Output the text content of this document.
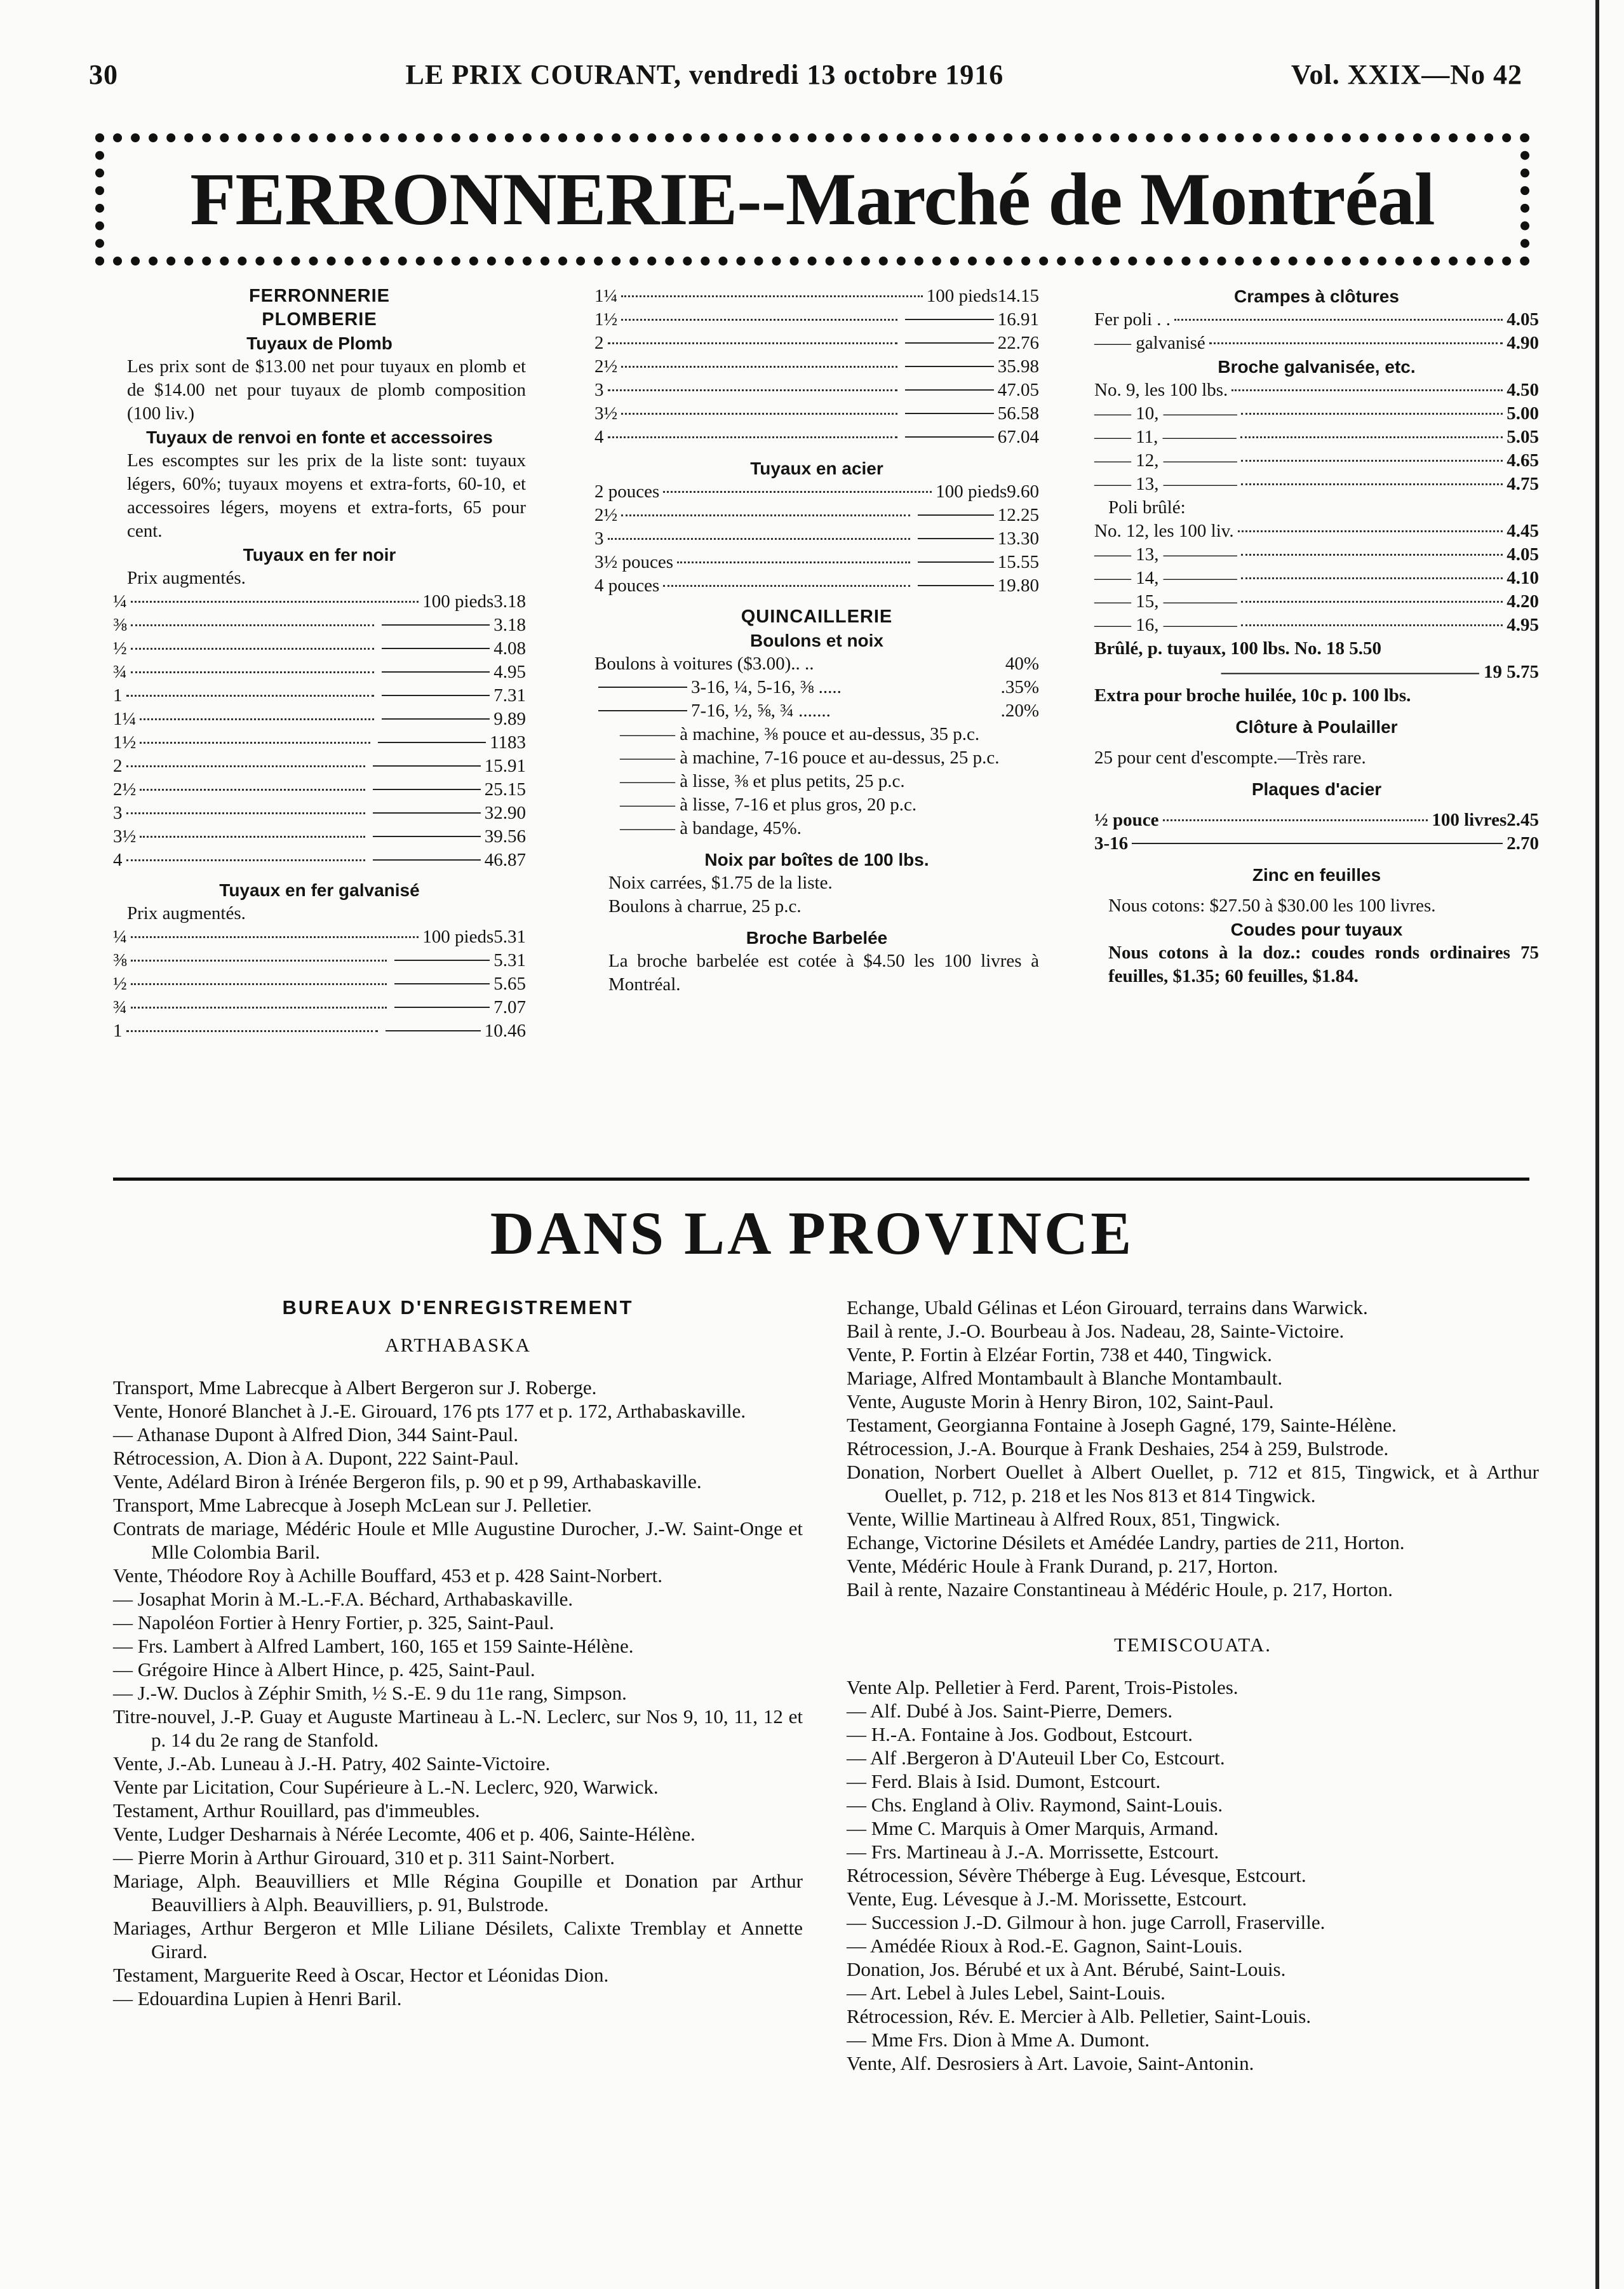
30	LE PRIX COURANT, vendredi 13 octobre 1916	Vol. XXIX—No 42
FERRONNERIE--Marché de Montréal
FERRONNERIE
PLOMBERIE
Tuyaux de Plomb
Les prix sont de $13.00 net pour tuyaux en plomb et de $14.00 net pour tuyaux de plomb composition (100 liv.)
Tuyaux de renvoi en fonte et accessoires
Les escomptes sur les prix de la liste sont: tuyaux légers, 60%; tuyaux moyens et extra-forts, 60-10, et accessoires légers, moyens et extra-forts, 65 pour cent.
Tuyaux en fer noir
Prix augmentés.
¼	100 pieds 3.18
⅜	3.18
½	4.08
¾	4.95
1	7.31
1¼	9.89
1½	1183
2	15.91
2½	25.15
3	32.90
3½	39.56
4	46.87
Tuyaux en fer galvanisé
Prix augmentés.
¼	100 pieds 5.31
⅜	5.31
½	5.65
¾	7.07
1	10.46
1¼	100 pieds 14.15
1½	16.91
2	22.76
2½	35.98
3	47.05
3½	56.58
4	67.04
Tuyaux en acier
2 pouces	100 pieds 9.60
2½	12.25
3	13.30
3½ pouces	15.55
4 pouces	19.80
QUINCAILLERIE
Boulons et noix
Boulons à voitures ($3.00).. ..	40%
3-16, ¼, 5-16, ⅜ .....	.35%
7-16, ½, ⅝, ¾ .......	.20%
——— à machine, ⅜ pouce et au-dessus, 35 p.c.
——— à machine, 7-16 pouce et au-dessus, 25 p.c.
——— à lisse, ⅜ et plus petits, 25 p.c.
——— à lisse, 7-16 et plus gros, 20 p.c.
——— à bandage, 45%.
Noix par boîtes de 100 lbs.
Noix carrées, $1.75 de la liste.
Boulons à charrue, 25 p.c.
Broche Barbelée
La broche barbelée est cotée à $4.50 les 100 livres à Montréal.
Crampes à clôtures
Fer poli . .	4.05
—— galvanisé	4.90
Broche galvanisée, etc.
No. 9, les 100 lbs.	4.50
—— 10, ————	5.00
—— 11, ————	5.05
—— 12, ————	4.65
—— 13, ————	4.75
Poli brûlé:
No. 12, les 100 liv.	4.45
—— 13, ————	4.05
—— 14, ————	4.10
—— 15, ————	4.20
—— 16, ————	4.95
Brûlé, p. tuyaux, 100 lbs. No. 18 5.50
—————————————— 19 5.75
Extra pour broche huilée, 10c p. 100 lbs.
Clôture à Poulailler
25 pour cent d'escompte.—Très rare.
Plaques d'acier
½ pouce	100 livres 2.45
3-16	2.70
Zinc en feuilles
Nous cotons: $27.50 à $30.00 les 100 livres.
Coudes pour tuyaux
Nous cotons à la doz.: coudes ronds ordinaires 75 feuilles, $1.35; 60 feuilles, $1.84.
DANS LA PROVINCE
BUREAUX D'ENREGISTREMENT
ARTHABASKA
Transport, Mme Labrecque à Albert Bergeron sur J. Roberge.
Vente, Honoré Blanchet à J.-E. Girouard, 176 pts 177 et p. 172, Arthabaskaville.
— Athanase Dupont à Alfred Dion, 344 Saint-Paul.
Rétrocession, A. Dion à A. Dupont, 222 Saint-Paul.
Vente, Adélard Biron à Irénée Bergeron fils, p. 90 et p 99, Arthabaskaville.
Transport, Mme Labrecque à Joseph McLean sur J. Pelletier.
Contrats de mariage, Médéric Houle et Mlle Augustine Durocher, J.-W. Saint-Onge et Mlle Colombia Baril.
Vente, Théodore Roy à Achille Bouffard, 453 et p. 428 Saint-Norbert.
— Josaphat Morin à M.-L.-F.A. Béchard, Arthabaskaville.
— Napoléon Fortier à Henry Fortier, p. 325, Saint-Paul.
— Frs. Lambert à Alfred Lambert, 160, 165 et 159 Sainte-Hélène.
— Grégoire Hince à Albert Hince, p. 425, Saint-Paul.
— J.-W. Duclos à Zéphir Smith, ½ S.-E. 9 du 11e rang, Simpson.
Titre-nouvel, J.-P. Guay et Auguste Martineau à L.-N. Leclerc, sur Nos 9, 10, 11, 12 et p. 14 du 2e rang de Stanfold.
Vente, J.-Ab. Luneau à J.-H. Patry, 402 Sainte-Victoire.
Vente par Licitation, Cour Supérieure à L.-N. Leclerc, 920, Warwick.
Testament, Arthur Rouillard, pas d'immeubles.
Vente, Ludger Desharnais à Nérée Lecomte, 406 et p. 406, Sainte-Hélène.
— Pierre Morin à Arthur Girouard, 310 et p. 311 Saint-Norbert.
Mariage, Alph. Beauvilliers et Mlle Régina Goupille et Donation par Arthur Beauvilliers à Alph. Beauvilliers, p. 91, Bulstrode.
Mariages, Arthur Bergeron et Mlle Liliane Désilets, Calixte Tremblay et Annette Girard.
Testament, Marguerite Reed à Oscar, Hector et Léonidas Dion.
— Edouardina Lupien à Henri Baril.
Echange, Ubald Gélinas et Léon Girouard, terrains dans Warwick.
Bail à rente, J.-O. Bourbeau à Jos. Nadeau, 28, Sainte-Victoire.
Vente, P. Fortin à Elzéar Fortin, 738 et 440, Tingwick.
Mariage, Alfred Montambault à Blanche Montambault.
Vente, Auguste Morin à Henry Biron, 102, Saint-Paul.
Testament, Georgianna Fontaine à Joseph Gagné, 179, Sainte-Hélène.
Rétrocession, J.-A. Bourque à Frank Deshaies, 254 à 259, Bulstrode.
Donation, Norbert Ouellet à Albert Ouellet, p. 712 et 815, Tingwick, et à Arthur Ouellet, p. 712, p. 218 et les Nos 813 et 814 Tingwick.
Vente, Willie Martineau à Alfred Roux, 851, Tingwick.
Echange, Victorine Désilets et Amédée Landry, parties de 211, Horton.
Vente, Médéric Houle à Frank Durand, p. 217, Horton.
Bail à rente, Nazaire Constantineau à Médéric Houle, p. 217, Horton.
TEMISCOUATA.
Vente Alp. Pelletier à Ferd. Parent, Trois-Pistoles.
— Alf. Dubé à Jos. Saint-Pierre, Demers.
— H.-A. Fontaine à Jos. Godbout, Estcourt.
— Alf .Bergeron à D'Auteuil Lber Co, Estcourt.
— Ferd. Blais à Isid. Dumont, Estcourt.
— Chs. England à Oliv. Raymond, Saint-Louis.
— Mme C. Marquis à Omer Marquis, Armand.
— Frs. Martineau à J.-A. Morrissette, Estcourt.
Rétrocession, Sévère Théberge à Eug. Lévesque, Estcourt.
Vente, Eug. Lévesque à J.-M. Morissette, Estcourt.
— Succession J.-D. Gilmour à hon. juge Carroll, Fraserville.
— Amédée Rioux à Rod.-E. Gagnon, Saint-Louis.
Donation, Jos. Bérubé et ux à Ant. Bérubé, Saint-Louis.
— Art. Lebel à Jules Lebel, Saint-Louis.
Rétrocession, Rév. E. Mercier à Alb. Pelletier, Saint-Louis.
— Mme Frs. Dion à Mme A. Dumont.
Vente, Alf. Desrosiers à Art. Lavoie, Saint-Antonin.
